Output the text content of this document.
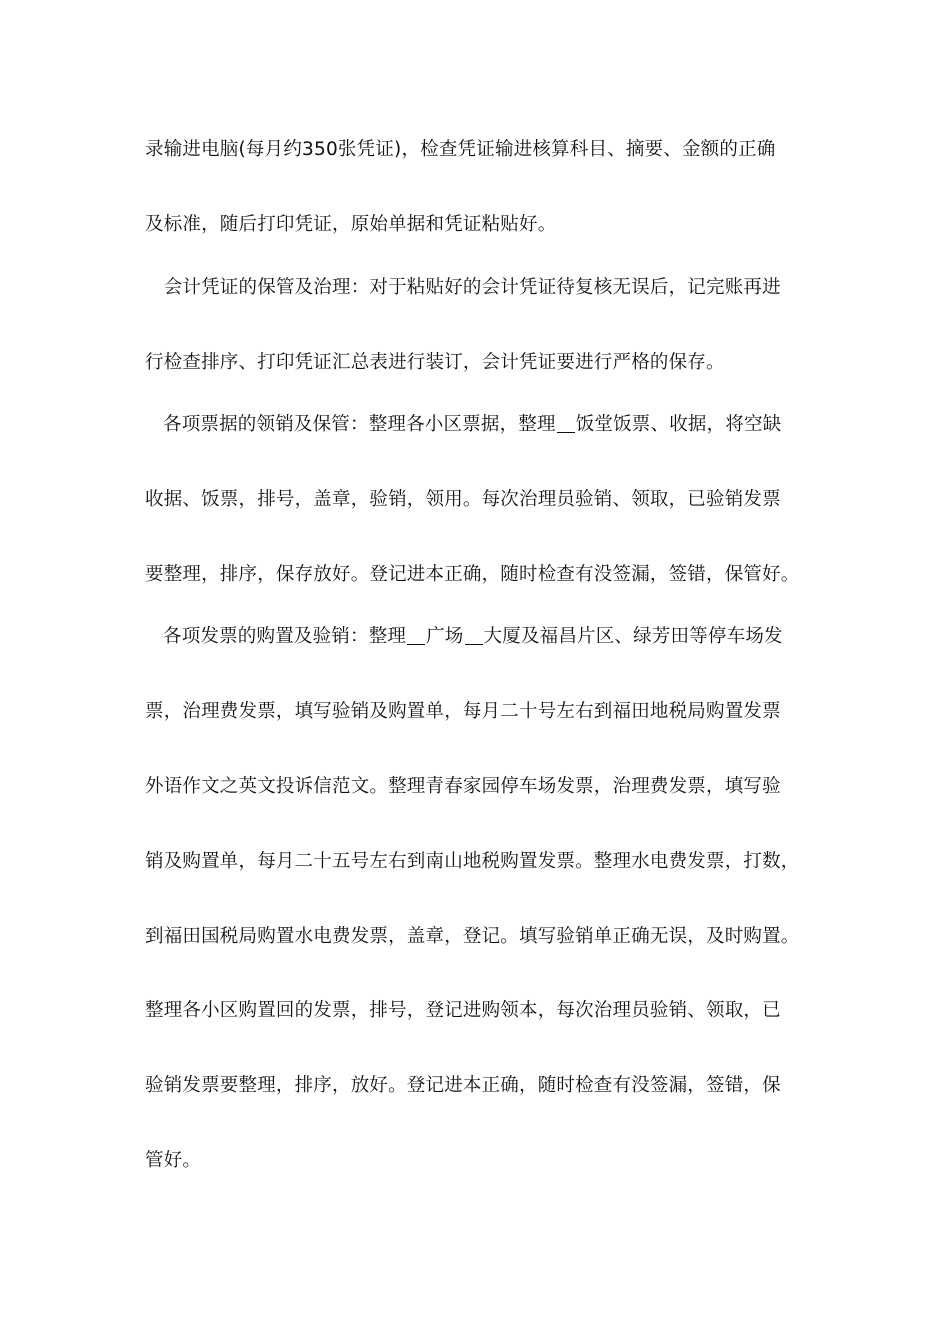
录输进电脑(每月约350张凭证)，检查凭证输进核算科目、摘要、金额的正确
及标准，随后打印凭证，原始单据和凭证粘贴好。
　会计凭证的保管及治理：对于粘贴好的会计凭证待复核无误后，记完账再进
行检查排序、打印凭证汇总表进行装订，会计凭证要进行严格的保存。
各项票据的领销及保管：整理各小区票据，整理 饭堂饭票、收据，将空缺
收据、饭票，排号，盖章，验销，领用。每次治理员验销、领取，已验销发票
要整理，排序，保存放好。登记进本正确，随时检查有没签漏，签错，保管好。
各项发票的购置及验销：整理 广场 大厦及福昌片区、绿芳田等停车场发
票，治理费发票，填写验销及购置单，每月二十号左右到福田地税局购置发票
外语作文之英文投诉信范文。整理青春家园停车场发票，治理费发票，填写验
销及购置单，每月二十五号左右到南山地税购置发票。整理水电费发票，打数，
到福田国税局购置水电费发票，盖章，登记。填写验销单正确无误，及时购置。
整理各小区购置回的发票，排号，登记进购领本，每次治理员验销、领取，已
验销发票要整理，排序，放好。登记进本正确，随时检查有没签漏，签错，保
管好。
